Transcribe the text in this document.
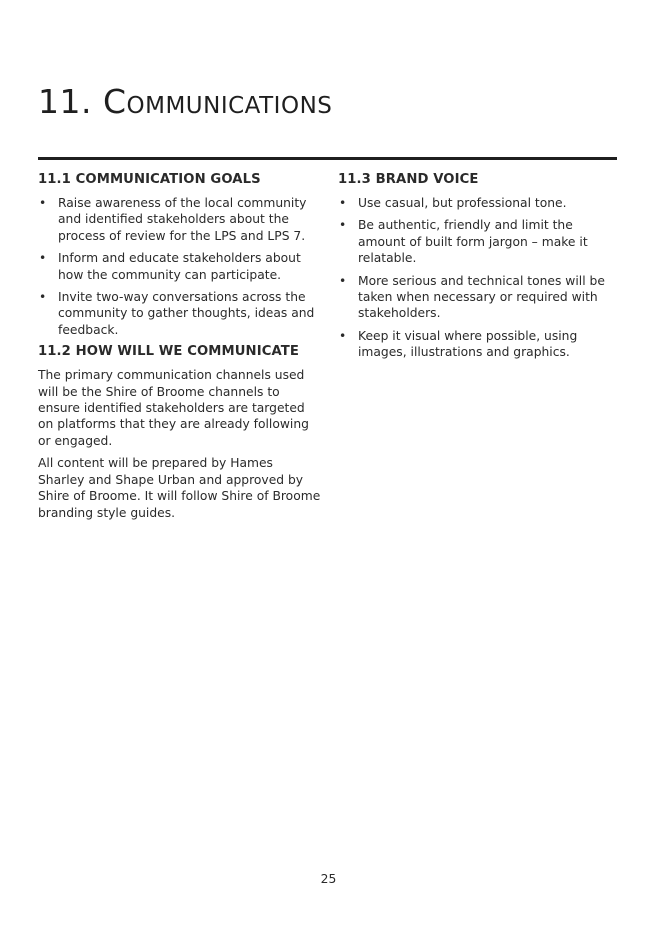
11. Communications
11.1 COMMUNICATION GOALS
• Raise awareness of the local community and identified stakeholders about the process of review for the LPS and LPS 7.
• Inform and educate stakeholders about how the community can participate.
• Invite two-way conversations across the community to gather thoughts, ideas and feedback.
11.2 HOW WILL WE COMMUNICATE

The primary communication channels used will be the Shire of Broome channels to ensure identified stakeholders are targeted on platforms that they are already following or engaged.

All content will be prepared by Hames Sharley and Shape Urban and approved by Shire of Broome. It will follow Shire of Broome branding style guides.

11.3 BRAND VOICE
• Use casual, but professional tone.
• Be authentic, friendly and limit the amount of built form jargon – make it relatable.
• More serious and technical tones will be taken when necessary or required with stakeholders.
• Keep it visual where possible, using images, illustrations and graphics.
25
